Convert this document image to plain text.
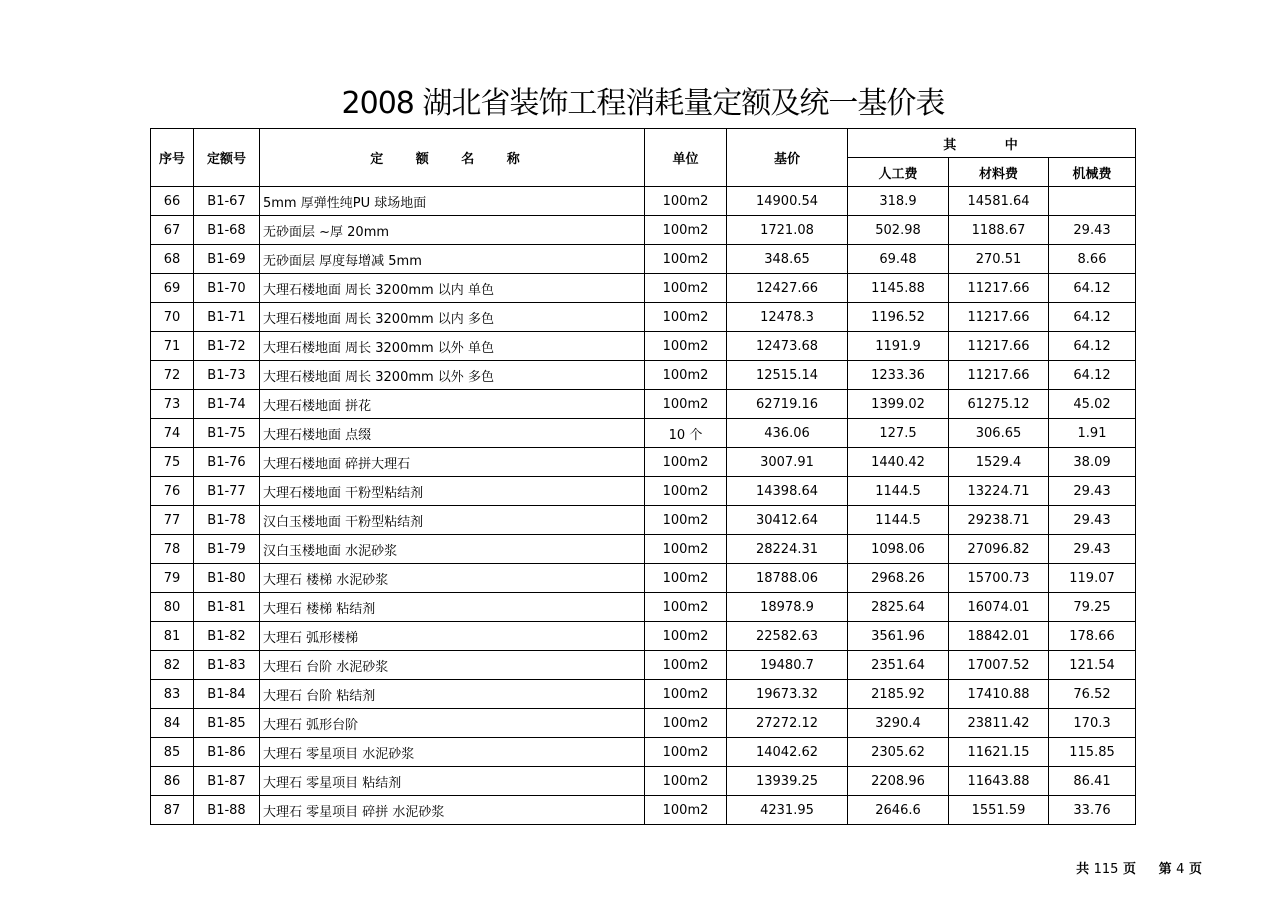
2008 湖北省装饰工程消耗量定额及统一基价表
序号	定额号	定 额 名 称	单位	基价	其 中		
					人工费	材料费	机械费
66	B1-67	5mm 厚弹性纯PU 球场地面	100m2	14900.54	318.9	14581.64	
67	B1-68	无砂面层 ~厚 20mm	100m2	1721.08	502.98	1188.67	29.43
68	B1-69	无砂面层 厚度每增减 5mm	100m2	348.65	69.48	270.51	8.66
69	B1-70	大理石楼地面 周长 3200mm 以内 单色	100m2	12427.66	1145.88	11217.66	64.12
70	B1-71	大理石楼地面 周长 3200mm 以内 多色	100m2	12478.3	1196.52	11217.66	64.12
71	B1-72	大理石楼地面 周长 3200mm 以外 单色	100m2	12473.68	1191.9	11217.66	64.12
72	B1-73	大理石楼地面 周长 3200mm 以外 多色	100m2	12515.14	1233.36	11217.66	64.12
73	B1-74	大理石楼地面 拼花	100m2	62719.16	1399.02	61275.12	45.02
74	B1-75	大理石楼地面 点缀	10 个	436.06	127.5	306.65	1.91
75	B1-76	大理石楼地面 碎拼大理石	100m2	3007.91	1440.42	1529.4	38.09
76	B1-77	大理石楼地面 干粉型粘结剂	100m2	14398.64	1144.5	13224.71	29.43
77	B1-78	汉白玉楼地面 干粉型粘结剂	100m2	30412.64	1144.5	29238.71	29.43
78	B1-79	汉白玉楼地面 水泥砂浆	100m2	28224.31	1098.06	27096.82	29.43
79	B1-80	大理石 楼梯 水泥砂浆	100m2	18788.06	2968.26	15700.73	119.07
80	B1-81	大理石 楼梯 粘结剂	100m2	18978.9	2825.64	16074.01	79.25
81	B1-82	大理石 弧形楼梯	100m2	22582.63	3561.96	18842.01	178.66
82	B1-83	大理石 台阶 水泥砂浆	100m2	19480.7	2351.64	17007.52	121.54
83	B1-84	大理石 台阶 粘结剂	100m2	19673.32	2185.92	17410.88	76.52
84	B1-85	大理石 弧形台阶	100m2	27272.12	3290.4	23811.42	170.3
85	B1-86	大理石 零星项目 水泥砂浆	100m2	14042.62	2305.62	11621.15	115.85
86	B1-87	大理石 零星项目 粘结剂	100m2	13939.25	2208.96	11643.88	86.41
87	B1-88	大理石 零星项目 碎拼 水泥砂浆	100m2	4231.95	2646.6	1551.59	33.76
共 115 页 第 4 页
